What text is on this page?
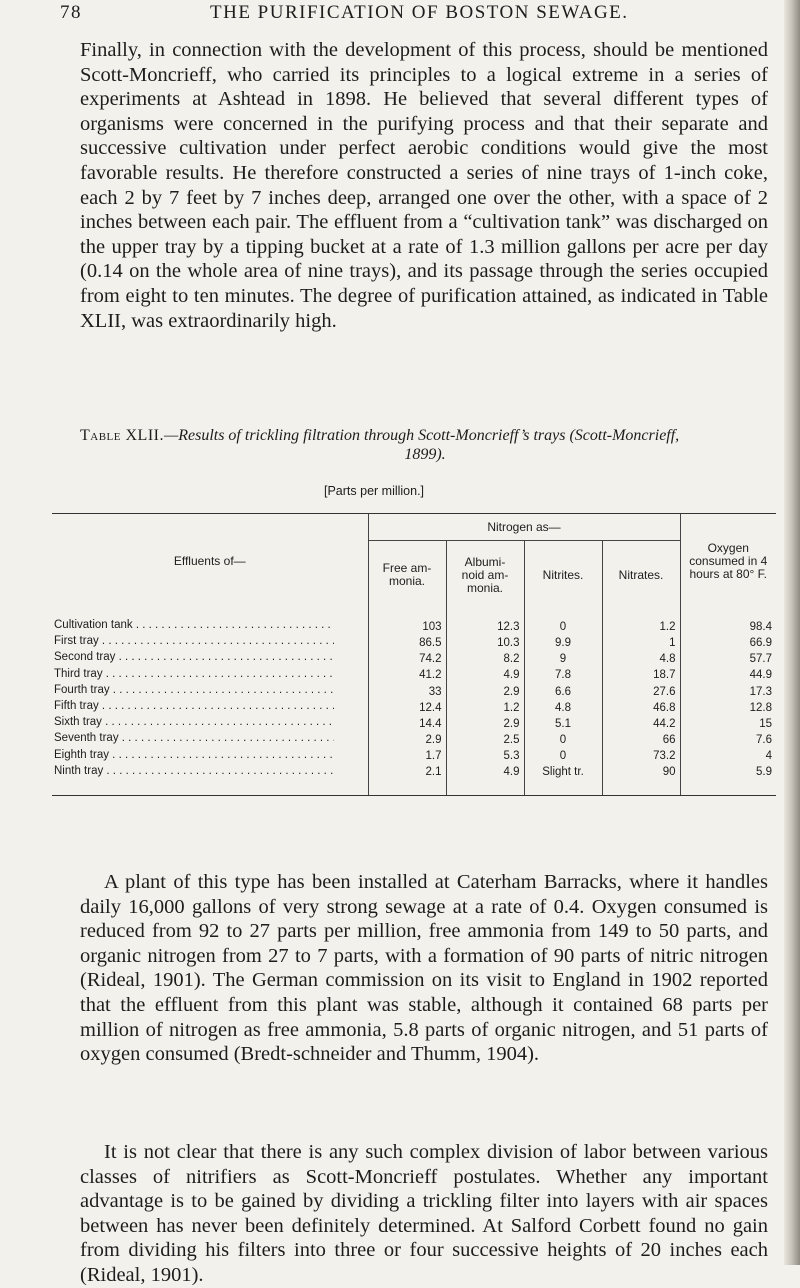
78	THE PURIFICATION OF BOSTON SEWAGE.

Finally, in connection with the development of this process, should be mentioned Scott-Moncrieff, who carried its principles to a logical extreme in a series of experiments at Ashtead in 1898. He believed that several different types of organisms were concerned in the purifying process and that their separate and successive cultivation under perfect aerobic conditions would give the most favorable results. He therefore constructed a series of nine trays of 1-inch coke, each 2 by 7 feet by 7 inches deep, arranged one over the other, with a space of 2 inches between each pair. The effluent from a “cultivation tank” was discharged on the upper tray by a tipping bucket at a rate of 1.3 million gallons per acre per day (0.14 on the whole area of nine trays), and its passage through the series occupied from eight to ten minutes. The degree of purification attained, as indicated in Table XLII, was extraordinarily high.

Table XLII.—Results of trickling filtration through Scott-Moncrieff’s trays (Scott-Moncrieff,
1899).
[Parts per million.]
Effluents of—	Nitrogen as—				Oxygen consumed in 4 hours at 80° F.
	Free am-
monia.	Albumi-
noid am-
monia.	Nitrites.	Nitrates.	
Cultivation tank . . .	103	12.3	0	1.2	98.4
First tray . . .	86.5	10.3	9.9	1	66.9
Second tray . . .	74.2	8.2	9	4.8	57.7
Third tray . . .	41.2	4.9	7.8	18.7	44.9
Fourth tray . . .	33	2.9	6.6	27.6	17.3
Fifth tray . . .	12.4	1.2	4.8	46.8	12.8
Sixth tray . . .	14.4	2.9	5.1	44.2	15
Seventh tray . . .	2.9	2.5	0	66	7.6
Eighth tray . . .	1.7	5.3	0	73.2	4
Ninth tray . . .	2.1	4.9	Slight tr.	90	5.9

A plant of this type has been installed at Caterham Barracks, where it handles daily 16,000 gallons of very strong sewage at a rate of 0.4. Oxygen consumed is reduced from 92 to 27 parts per million, free ammonia from 149 to 50 parts, and organic nitrogen from 27 to 7 parts, with a formation of 90 parts of nitric nitrogen (Rideal, 1901). The German commission on its visit to England in 1902 reported that the effluent from this plant was stable, although it contained 68 parts per million of nitrogen as free ammonia, 5.8 parts of organic nitrogen, and 51 parts of oxygen consumed (Bredt-schneider and Thumm, 1904).

It is not clear that there is any such complex division of labor between various classes of nitrifiers as Scott-Moncrieff postulates. Whether any important advantage is to be gained by dividing a trickling filter into layers with air spaces between has never been definitely determined. At Salford Corbett found no gain from dividing his filters into three or four successive heights of 20 inches each (Rideal, 1901).
